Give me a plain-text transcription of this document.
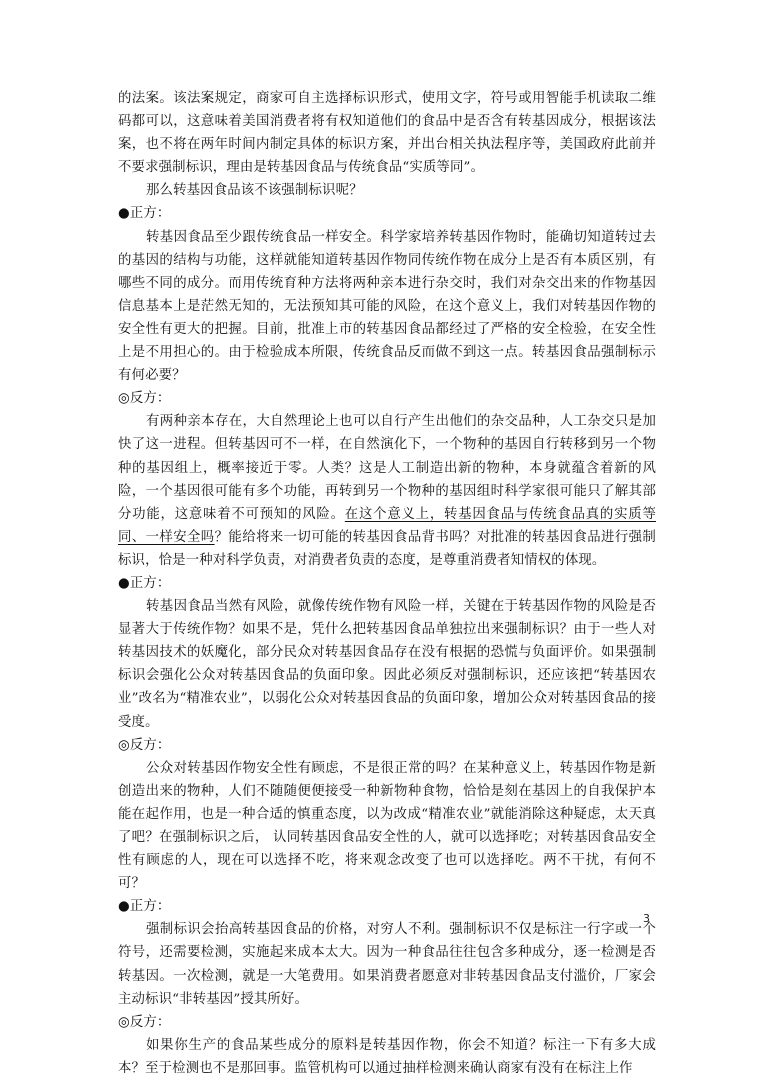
的法案。该法案规定，商家可自主选择标识形式，使用文字，符号或用智能手机读取二维码都可以，这意味着美国消费者将有权知道他们的食品中是否含有转基因成分，根据该法案，也不将在两年时间内制定具体的标识方案，并出台相关执法程序等，美国政府此前并不要求强制标识，理由是转基因食品与传统食品“实质等同”。

那么转基因食品该不该强制标识呢？

●正方：

转基因食品至少跟传统食品一样安全。科学家培养转基因作物时，能确切知道转过去的基因的结构与功能，这样就能知道转基因作物同传统作物在成分上是否有本质区别，有哪些不同的成分。而用传统育种方法将两种亲本进行杂交时，我们对杂交出来的作物基因信息基本上是茫然无知的，无法预知其可能的风险，在这个意义上，我们对转基因作物的安全性有更大的把握。目前，批准上市的转基因食品都经过了严格的安全检验，在安全性上是不用担心的。由于检验成本所限，传统食品反而做不到这一点。转基因食品强制标示有何必要？

◎反方：

有两种亲本存在，大自然理论上也可以自行产生出他们的杂交品种，人工杂交只是加快了这一进程。但转基因可不一样，在自然演化下，一个物种的基因自行转移到另一个物种的基因组上，概率接近于零。人类？这是人工制造出新的物种，本身就蕴含着新的风险，一个基因很可能有多个功能，再转到另一个物种的基因组时科学家很可能只了解其部分功能，这意味着不可预知的风险。在这个意义上，转基因食品与传统食品真的实质等同、一样安全吗？能给将来一切可能的转基因食品背书吗？对批准的转基因食品进行强制标识，恰是一种对科学负责，对消费者负责的态度，是尊重消费者知情权的体现。

●正方：

转基因食品当然有风险，就像传统作物有风险一样，关键在于转基因作物的风险是否显著大于传统作物？如果不是，凭什么把转基因食品单独拉出来强制标识？由于一些人对转基因技术的妖魔化，部分民众对转基因食品存在没有根据的恐慌与负面评价。如果强制标识会强化公众对转基因食品的负面印象。因此必须反对强制标识，还应该把“转基因农业”改名为“精准农业”，以弱化公众对转基因食品的负面印象，增加公众对转基因食品的接受度。

◎反方：

公众对转基因作物安全性有顾虑，不是很正常的吗？在某种意义上，转基因作物是新创造出来的物种，人们不随随便便接受一种新物种食物，恰恰是刻在基因上的自我保护本能在起作用，也是一种合适的慎重态度，以为改成“精准农业”就能消除这种疑虑，太天真了吧？在强制标识之后， 认同转基因食品安全性的人，就可以选择吃；对转基因食品安全性有顾虑的人，现在可以选择不吃，将来观念改变了也可以选择吃。两不干扰，有何不可？

●正方：

强制标识会抬高转基因食品的价格，对穷人不利。强制标识不仅是标注一行字或一个符号，还需要检测，实施起来成本太大。因为一种食品往往包含多种成分，逐一检测是否转基因。一次检测，就是一大笔费用。如果消费者愿意对非转基因食品支付滥价，厂家会主动标识“非转基因”授其所好。

◎反方：

如果你生产的食品某些成分的原料是转基因作物，你会不知道？标注一下有多大成本？至于检测也不是那回事。监管机构可以通过抽样检测来确认商家有没有在标注上作

3
